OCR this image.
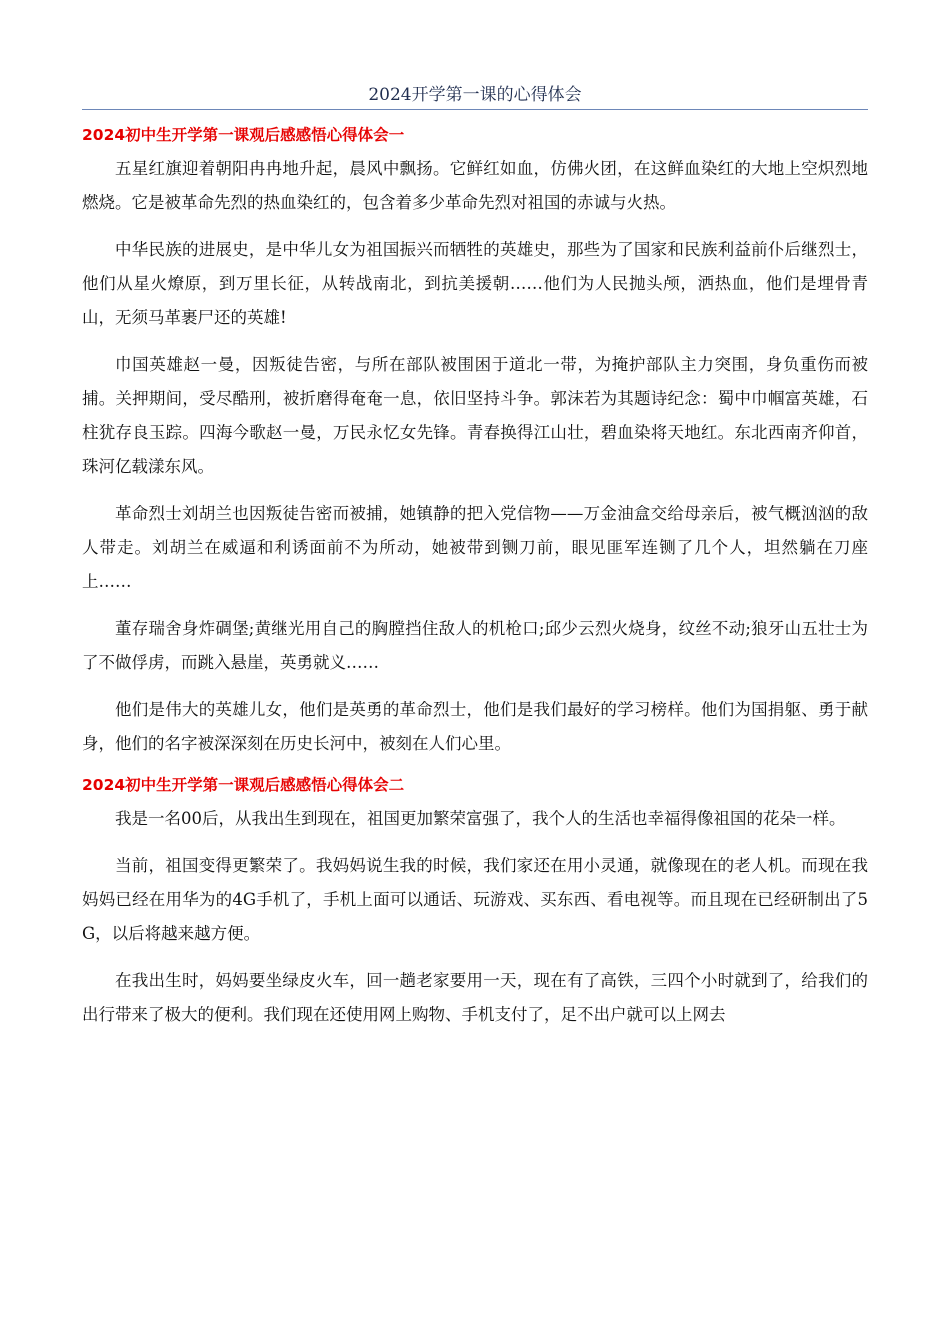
2024开学第一课的心得体会
2024初中生开学第一课观后感感悟心得体会一

五星红旗迎着朝阳冉冉地升起，晨风中飘扬。它鲜红如血，仿佛火团，在这鲜血染红的大地上空炽烈地燃烧。它是被革命先烈的热血染红的，包含着多少革命先烈对祖国的赤诚与火热。

中华民族的进展史，是中华儿女为祖国振兴而牺牲的英雄史，那些为了国家和民族利益前仆后继烈士，他们从星火燎原，到万里长征，从转战南北，到抗美援朝……他们为人民抛头颅，洒热血，他们是埋骨青山，无须马革裹尸还的英雄!

巾国英雄赵一曼，因叛徒告密，与所在部队被围困于道北一带，为掩护部队主力突围，身负重伤而被捕。关押期间，受尽酷刑，被折磨得奄奄一息，依旧坚持斗争。郭沫若为其题诗纪念：蜀中巾帼富英雄，石柱犹存良玉踪。四海今歌赵一曼，万民永忆女先锋。青春换得江山壮，碧血染将天地红。东北西南齐仰首，珠河亿载漾东风。

革命烈士刘胡兰也因叛徒告密而被捕，她镇静的把入党信物——万金油盒交给母亲后，被气概汹汹的敌人带走。刘胡兰在威逼和利诱面前不为所动，她被带到铡刀前，眼见匪军连铡了几个人，坦然躺在刀座上……

董存瑞舍身炸碉堡;黄继光用自己的胸膛挡住敌人的机枪口;邱少云烈火烧身，纹丝不动;狼牙山五壮士为了不做俘虏，而跳入悬崖，英勇就义……

他们是伟大的英雄儿女，他们是英勇的革命烈士，他们是我们最好的学习榜样。他们为国捐躯、勇于献身，他们的名字被深深刻在历史长河中，被刻在人们心里。

2024初中生开学第一课观后感感悟心得体会二

我是一名00后，从我出生到现在，祖国更加繁荣富强了，我个人的生活也幸福得像祖国的花朵一样。

当前，祖国变得更繁荣了。我妈妈说生我的时候，我们家还在用小灵通，就像现在的老人机。而现在我妈妈已经在用华为的4G手机了，手机上面可以通话、玩游戏、买东西、看电视等。而且现在已经研制出了5G，以后将越来越方便。

在我出生时，妈妈要坐绿皮火车，回一趟老家要用一天，现在有了高铁，三四个小时就到了，给我们的出行带来了极大的便利。我们现在还使用网上购物、手机支付了，足不出户就可以上网去
